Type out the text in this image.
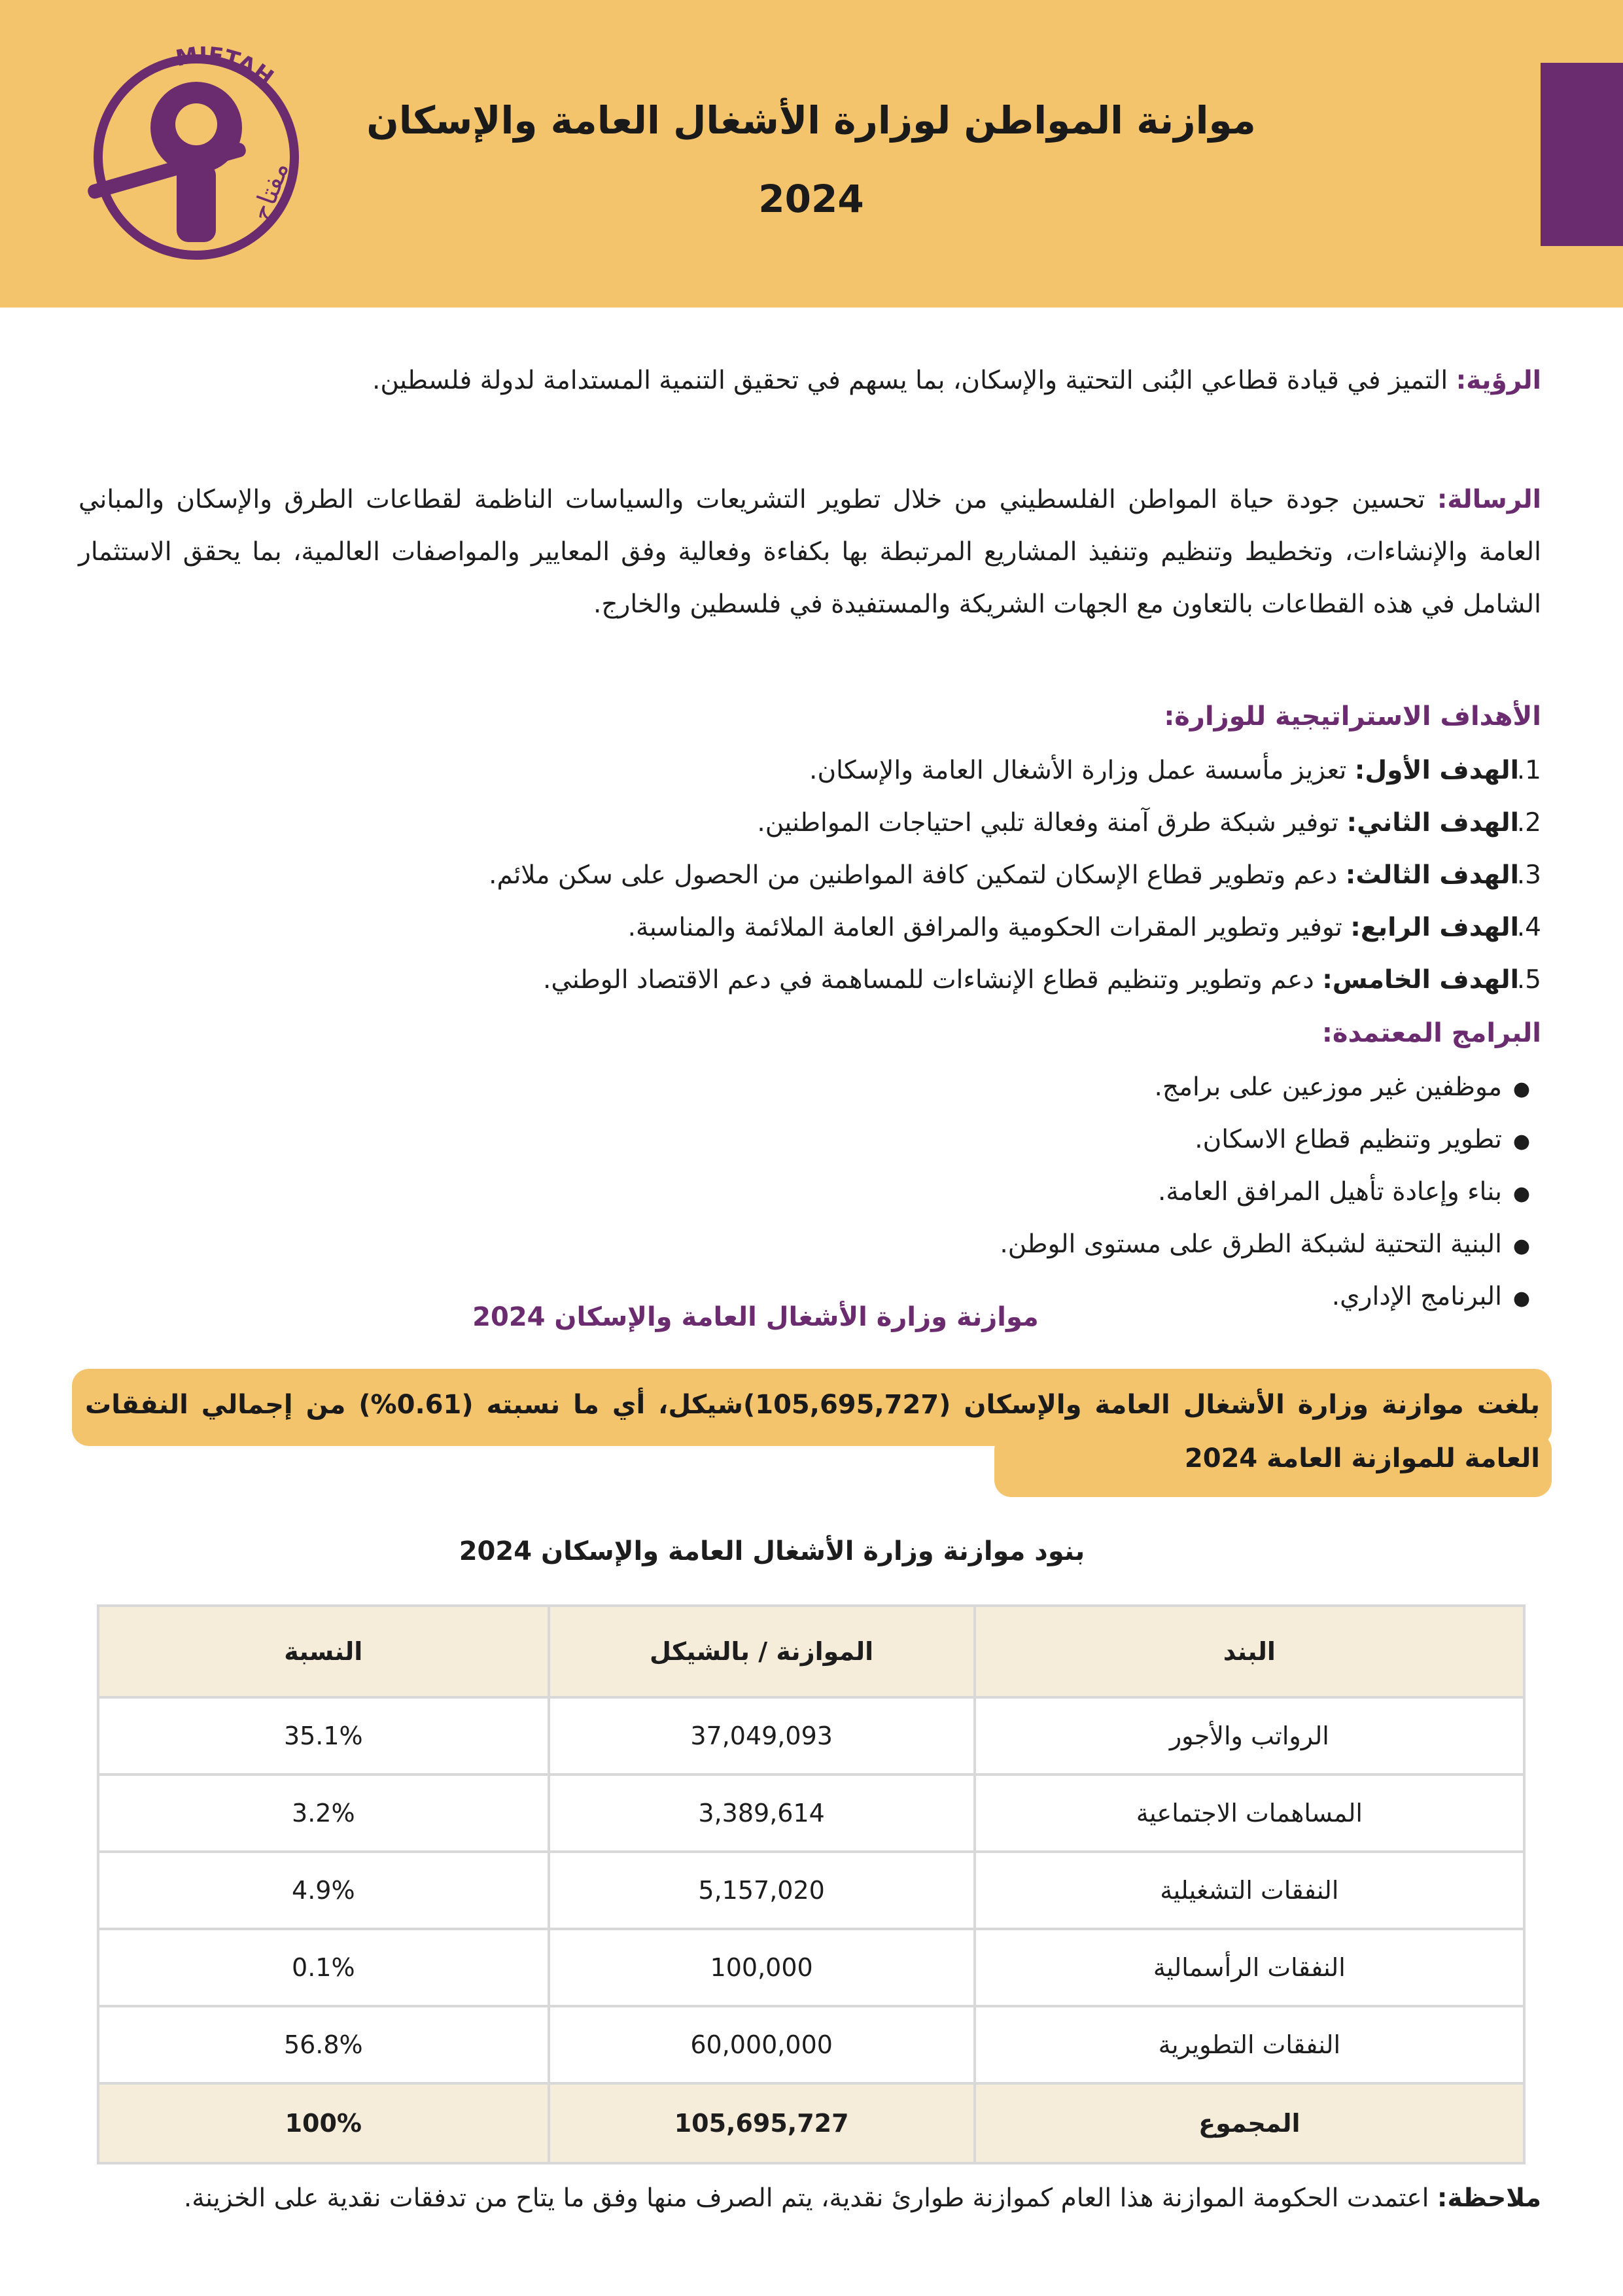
MIFTAH
مفتاح
موازنة المواطن لوزارة الأشغال العامة والإسكان
2024

الرؤية: التميز في قيادة قطاعي البُنى التحتية والإسكان، بما يسهم في تحقيق التنمية المستدامة لدولة فلسطين.

الرسالة: تحسين جودة حياة المواطن الفلسطيني من خلال تطوير التشريعات والسياسات الناظمة لقطاعات الطرق والإسكان والمباني العامة والإنشاءات، وتخطيط وتنظيم وتنفيذ المشاريع المرتبطة بها بكفاءة وفعالية وفق المعايير والمواصفات العالمية، بما يحقق الاستثمار الشامل في هذه القطاعات بالتعاون مع الجهات الشريكة والمستفيدة في فلسطين والخارج.

الأهداف الاستراتيجية للوزارة:
1.الهدف الأول: تعزيز مأسسة عمل وزارة الأشغال العامة والإسكان.
2.الهدف الثاني: توفير شبكة طرق آمنة وفعالة تلبي احتياجات المواطنين.
3.الهدف الثالث: دعم وتطوير قطاع الإسكان لتمكين كافة المواطنين من الحصول على سكن ملائم.
4.الهدف الرابع: توفير وتطوير المقرات الحكومية والمرافق العامة الملائمة والمناسبة.
5.الهدف الخامس: دعم وتطوير وتنظيم قطاع الإنشاءات للمساهمة في دعم الاقتصاد الوطني.
البرامج المعتمدة:
●موظفين غير موزعين على برامج.
●تطوير وتنظيم قطاع الاسكان.
●بناء وإعادة تأهيل المرافق العامة.
●البنية التحتية لشبكة الطرق على مستوى الوطن.
●البرنامج الإداري.
موازنة وزارة الأشغال العامة والإسكان 2024
بلغت موازنة وزارة الأشغال العامة والإسكان (105,695,727)شيكل، أي ما نسبته (0.61%) من إجمالي النفقات العامة للموازنة العامة 2024
بنود موازنة وزارة الأشغال العامة والإسكان 2024
البند	الموازنة / بالشيكل	النسبة
الرواتب والأجور	37,049,093	35.1%
المساهمات الاجتماعية	3,389,614	3.2%
النفقات التشغيلية	5,157,020	4.9%
النفقات الرأسمالية	100,000	0.1%
النفقات التطويرية	60,000,000	56.8%
المجموع	105,695,727	100%
ملاحظة: اعتمدت الحكومة الموازنة هذا العام كموازنة طوارئ نقدية، يتم الصرف منها وفق ما يتاح من تدفقات نقدية على الخزينة.
